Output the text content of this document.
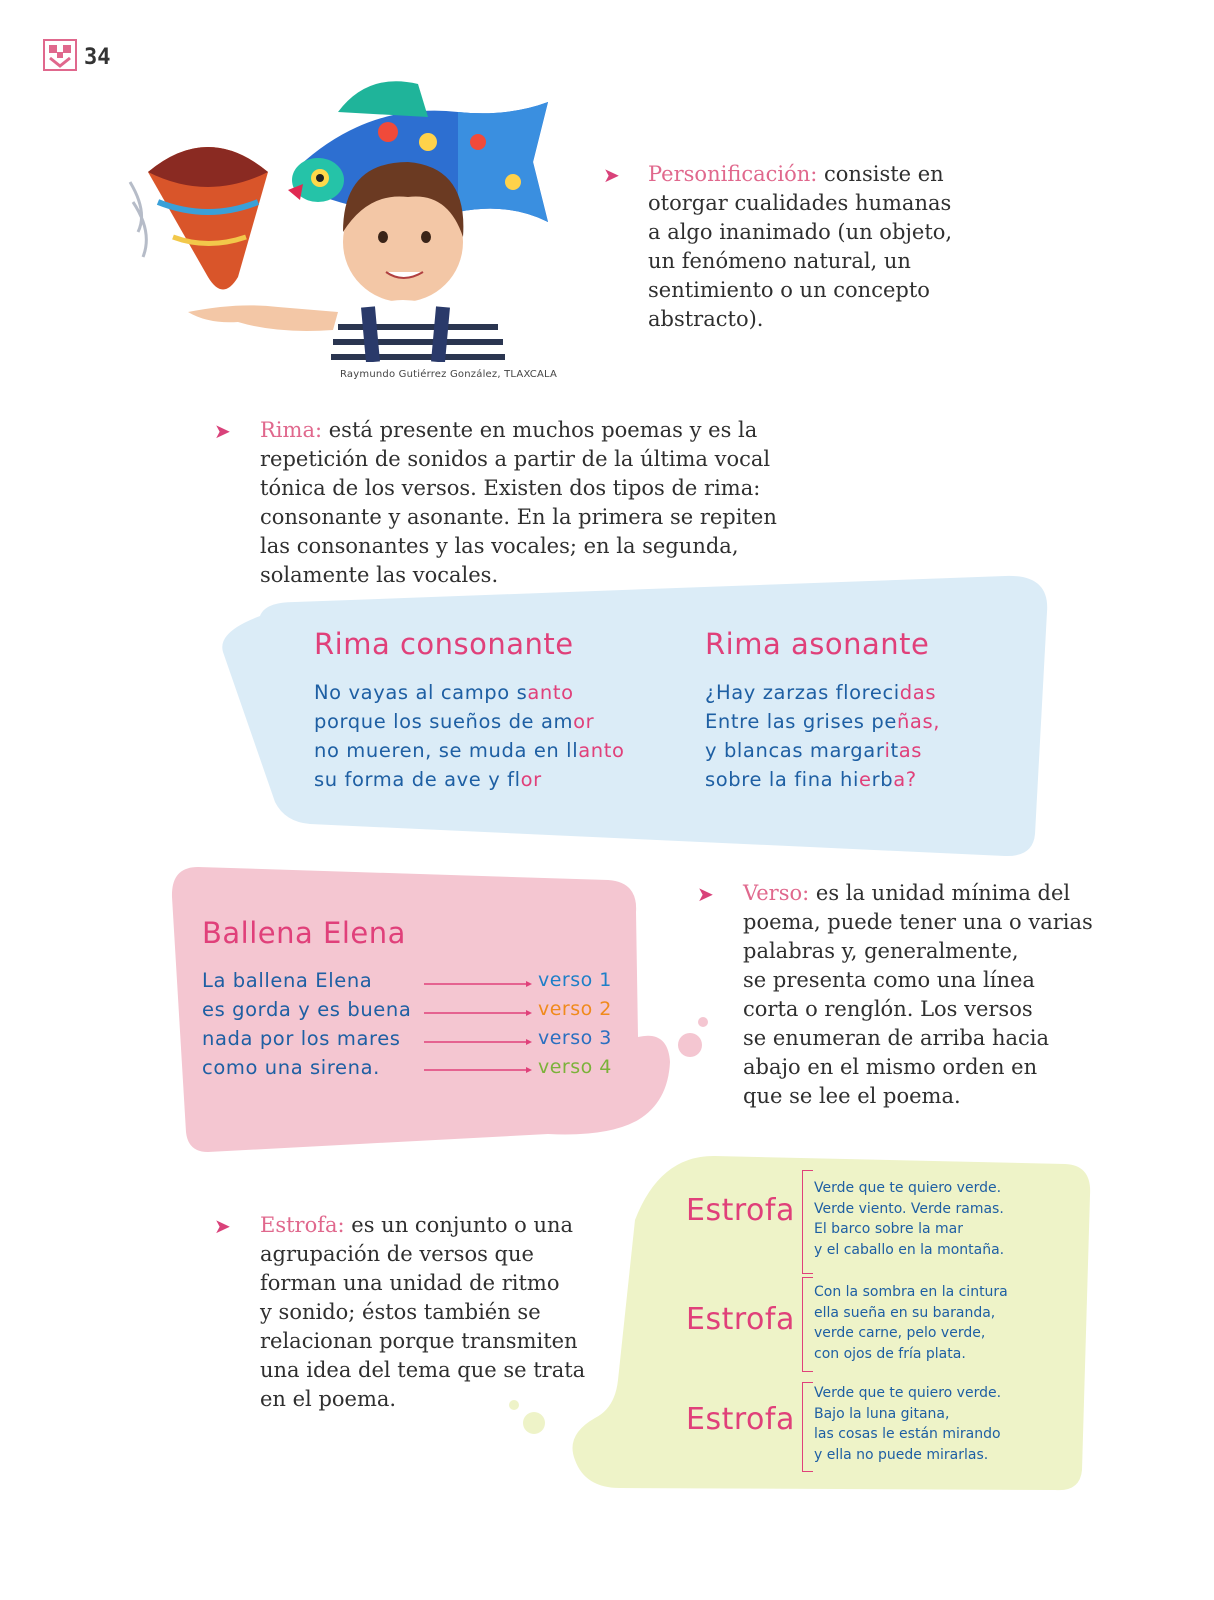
34
Raymundo Gutiérrez González, TLAXCALA
➤ Personificación: consiste en
otorgar cualidades humanas
a algo inanimado (un objeto,
un fenómeno natural, un
sentimiento o un concepto
abstracto).
➤ Rima: está presente en muchos poemas y es la
repetición de sonidos a partir de la última vocal
tónica de los versos. Existen dos tipos de rima:
consonante y asonante. En la primera se repiten
las consonantes y las vocales; en la segunda,
solamente las vocales.
Rima consonante
No vayas al campo santo
porque los sueños de amor
no mueren, se muda en llanto
su forma de ave y flor
Rima asonante
¿Hay zarzas florecidas
Entre las grises peñas,
y blancas margaritas
sobre la fina hierba?
Ballena Elena
La ballena Elena
es gorda y es buena
nada por los mares
como una sirena.
verso 1
verso 2
verso 3
verso 4
➤ Verso: es la unidad mínima del
poema, puede tener una o varias
palabras y, generalmente,
se presenta como una línea
corta o renglón. Los versos
se enumeran de arriba hacia
abajo en el mismo orden en
que se lee el poema.
➤ Estrofa: es un conjunto o una
agrupación de versos que
forman una unidad de ritmo
y sonido; éstos también se
relacionan porque transmiten
una idea del tema que se trata
en el poema.
Estrofa
Verde que te quiero verde.
Verde viento. Verde ramas.
El barco sobre la mar
y el caballo en la montaña.
Estrofa
Con la sombra en la cintura
ella sueña en su baranda,
verde carne, pelo verde,
con ojos de fría plata.
Estrofa
Verde que te quiero verde.
Bajo la luna gitana,
las cosas le están mirando
y ella no puede mirarlas.
